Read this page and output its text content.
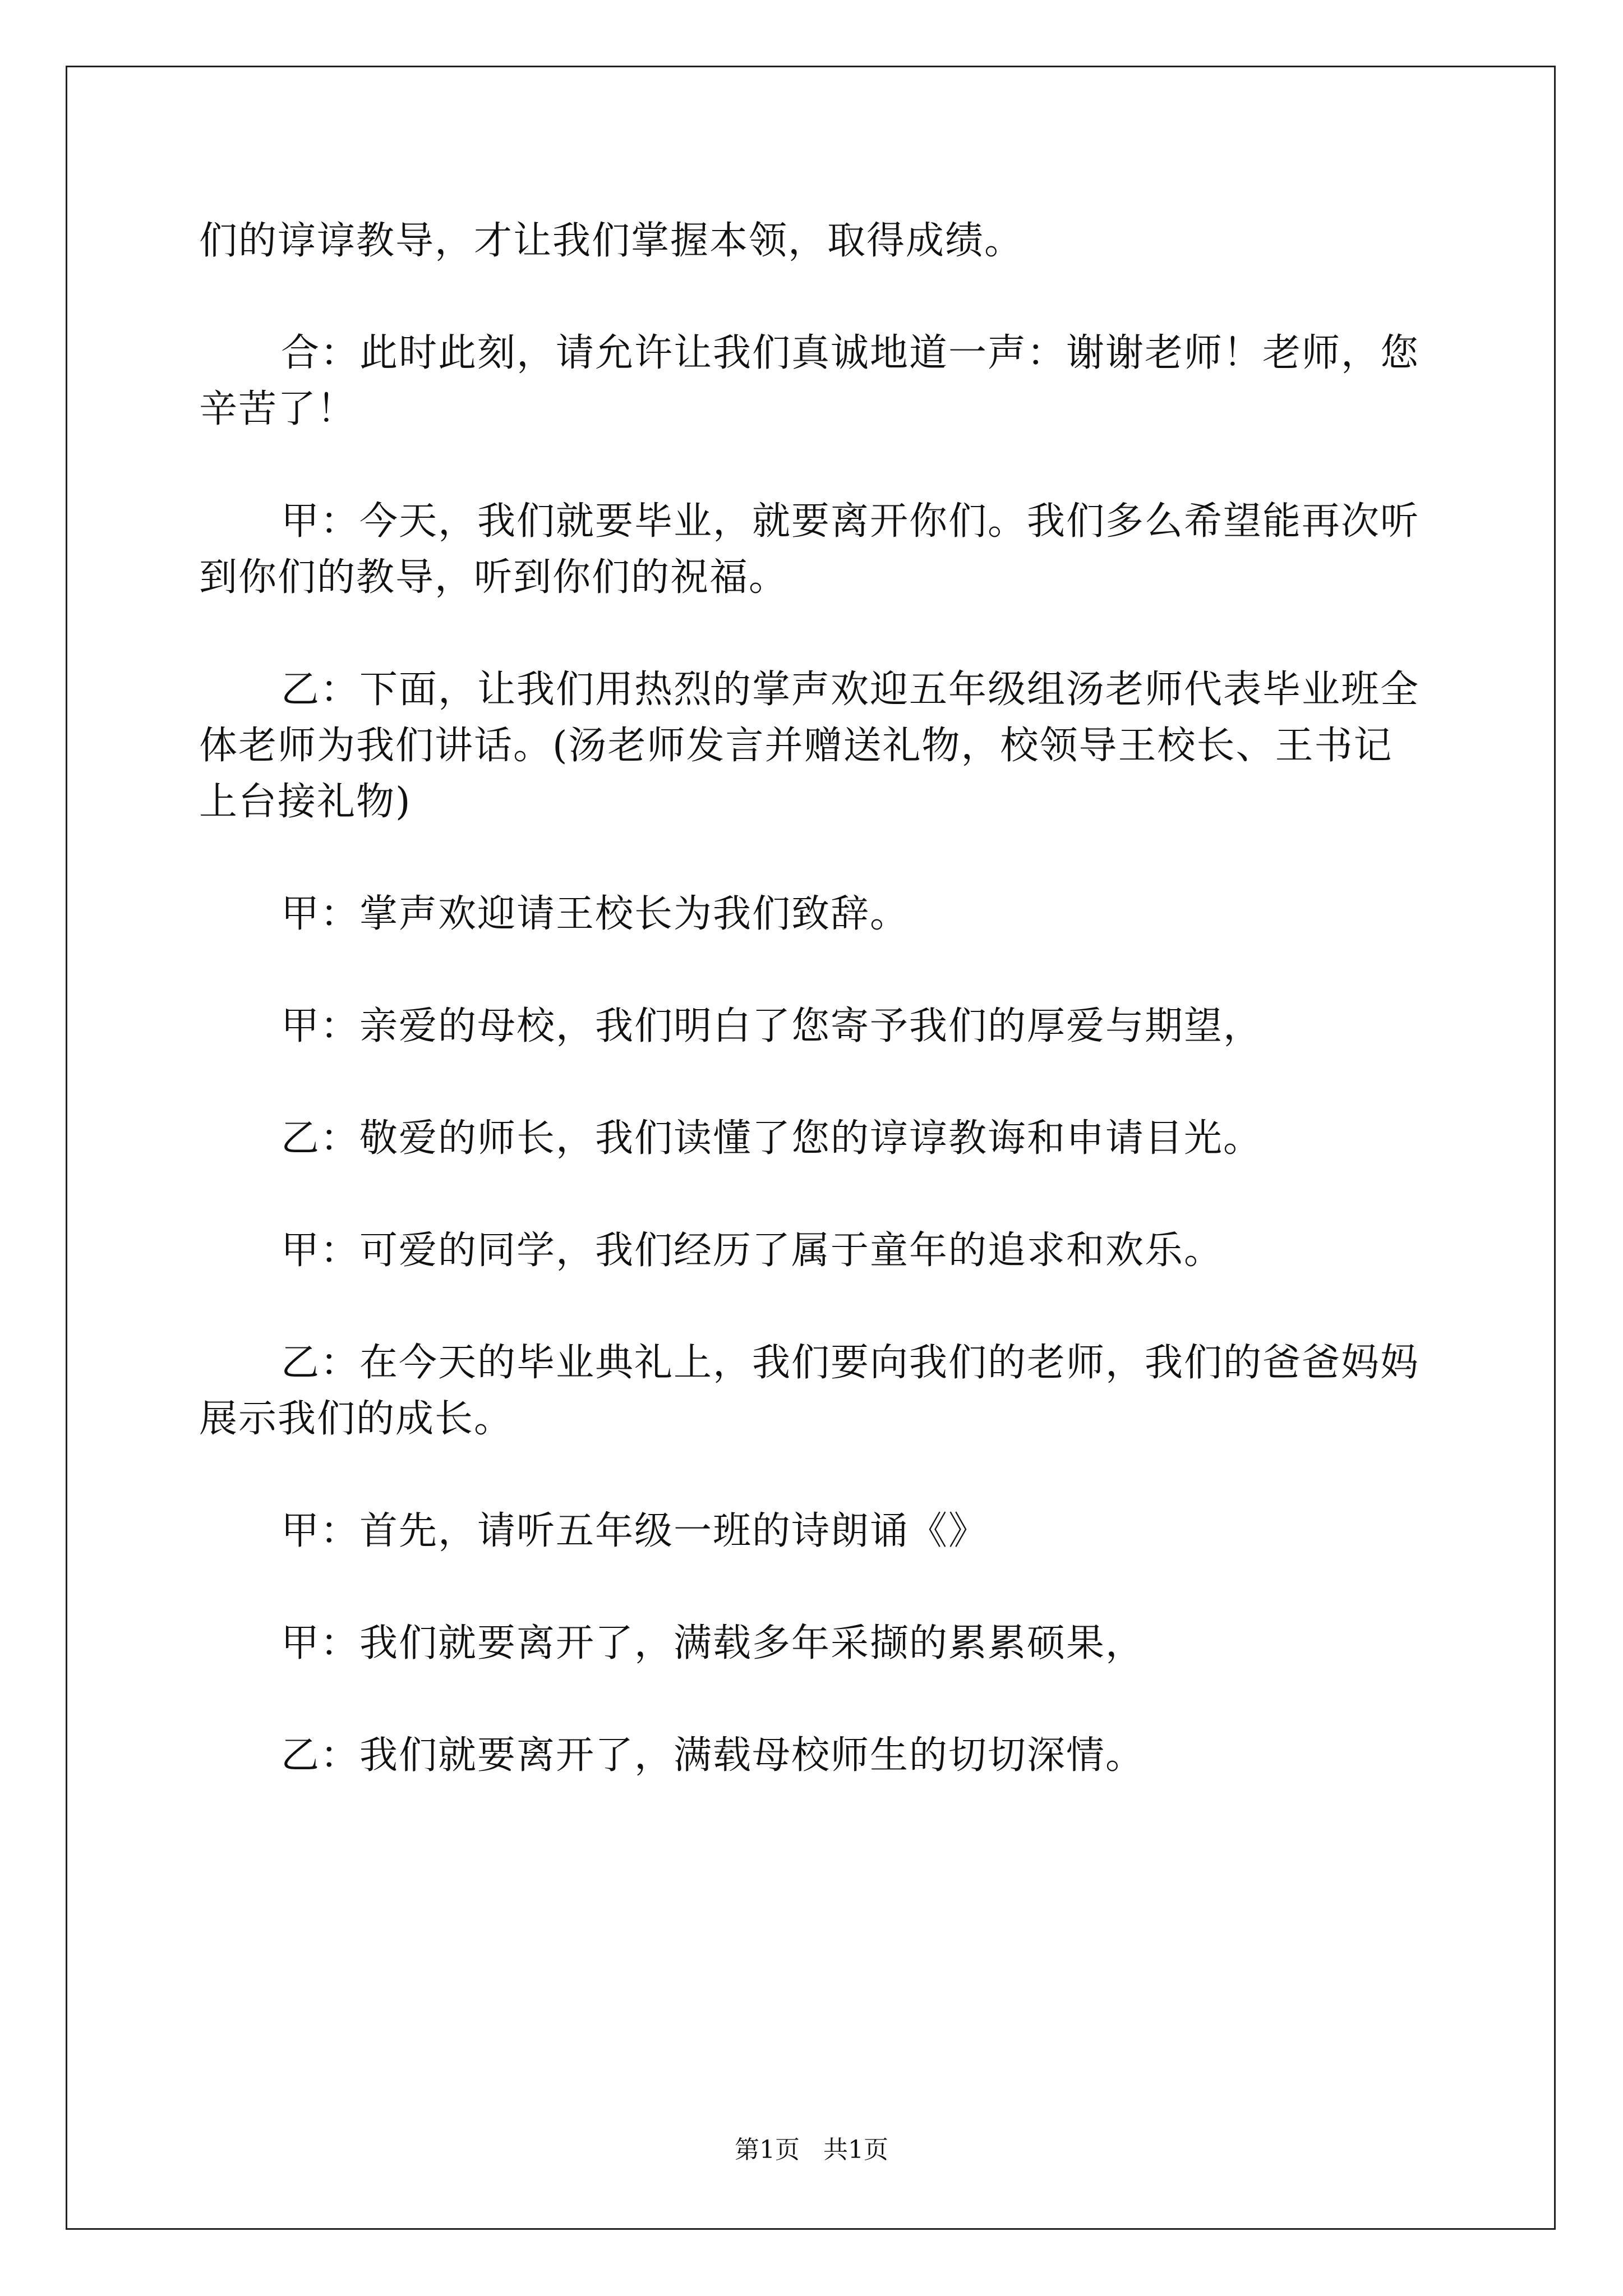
们的谆谆教导，才让我们掌握本领，取得成绩。

合：此时此刻，请允许让我们真诚地道一声：谢谢老师！老师，您辛苦了！

甲：今天，我们就要毕业，就要离开你们。我们多么希望能再次听到你们的教导，听到你们的祝福。

乙：下面，让我们用热烈的掌声欢迎五年级组汤老师代表毕业班全体老师为我们讲话。(汤老师发言并赠送礼物，校领导王校长、王书记上台接礼物)

甲：掌声欢迎请王校长为我们致辞。

甲：亲爱的母校，我们明白了您寄予我们的厚爱与期望，

乙：敬爱的师长，我们读懂了您的谆谆教诲和申请目光。

甲：可爱的同学，我们经历了属于童年的追求和欢乐。

乙：在今天的毕业典礼上，我们要向我们的老师，我们的爸爸妈妈展示我们的成长。

甲：首先，请听五年级一班的诗朗诵《》

甲：我们就要离开了，满载多年采撷的累累硕果，

乙：我们就要离开了，满载母校师生的切切深情。

第1页 共1页
